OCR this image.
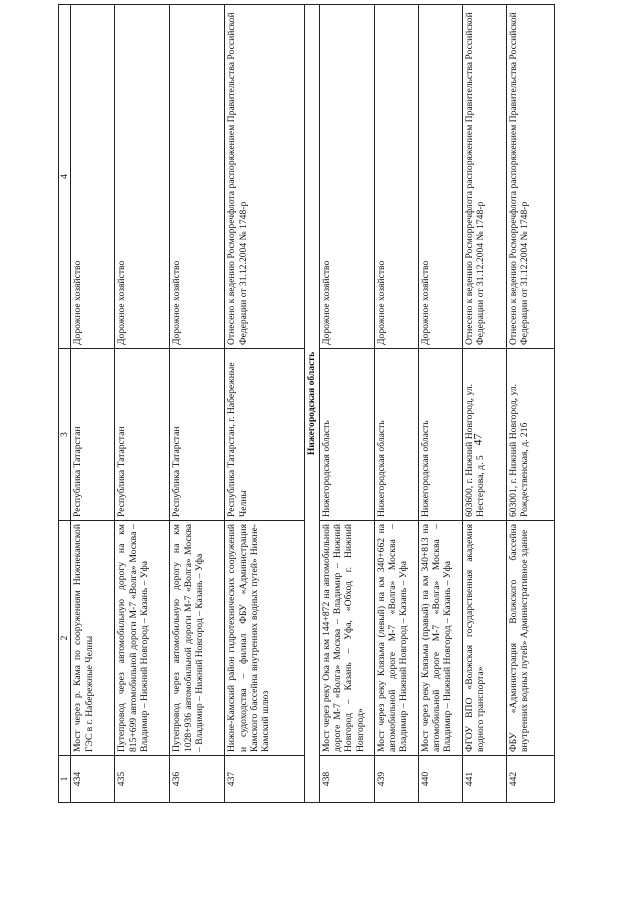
47
1	2	3	4
434	Мост через р. Кама по сооружениям Нижнекамской ГЭС в г. Набережные Челны	Республика Татарстан	Дорожное хозяйство
435	Путепровод через автомобильную дорогу на км 815+699 автомобильной дороги М-7 «Волга» Москва – Владимир – Нижний Новгород – Казань – Уфа	Республика Татарстан	Дорожное хозяйство
436	Путепровод через автомобильную дорогу на км 1028+936 автомобильной дороги М-7 «Волга» Москва – Владимир – Нижний Новгород – Казань – Уфа	Республика Татарстан	Дорожное хозяйство
437	Нижне-Камский район гидротехнических сооружений и судоходства – филиал ФБУ «Администрация Камского бассейна внутренних водных путей» Нижне-Камский шлюз	Республика Татарстан, г. Набережные Челны	Отнесено к ведению Росморречфлота распоряжением Правительства Российской Федерации от 31.12.2004 № 1748-р
Нижегородская область			
438	Мост через реку Ока на км 144+872 на автомобильной дороге М-7 «Волга» Москва – Владимир – Нижний Новгород – Казань – Уфа, «Обход г. Нижний Новгород»	Нижегородская область	Дорожное хозяйство
439	Мост через реку Клязьма (левый) на км 340+662 на автомобильной дороге М-7 «Волга» Москва – Владимир – Нижний Новгород – Казань – Уфа	Нижегородская область	Дорожное хозяйство
440	Мост через реку Клязьма (правый) на км 340+813 на автомобильной дороге М-7 «Волга» Москва – Владимир – Нижний Новгород – Казань – Уфа	Нижегородская область	Дорожное хозяйство
441	ФГОУ ВПО «Волжская государственная академия водного транспорта»	603600, г. Нижний Новгород, ул. Нестерова, д. 5	Отнесено к ведению Росморречфлота распоряжением Правительства Российской Федерации от 31.12.2004 № 1748-р
442	ФБУ «Администрация Волжского бассейна внутренних водных путей» Административное здание	603001, г. Нижний Новгород, ул. Рождественская, д. 21б	Отнесено к ведению Росморречфлота распоряжением Правительства Российской Федерации от 31.12.2004 № 1748-р
